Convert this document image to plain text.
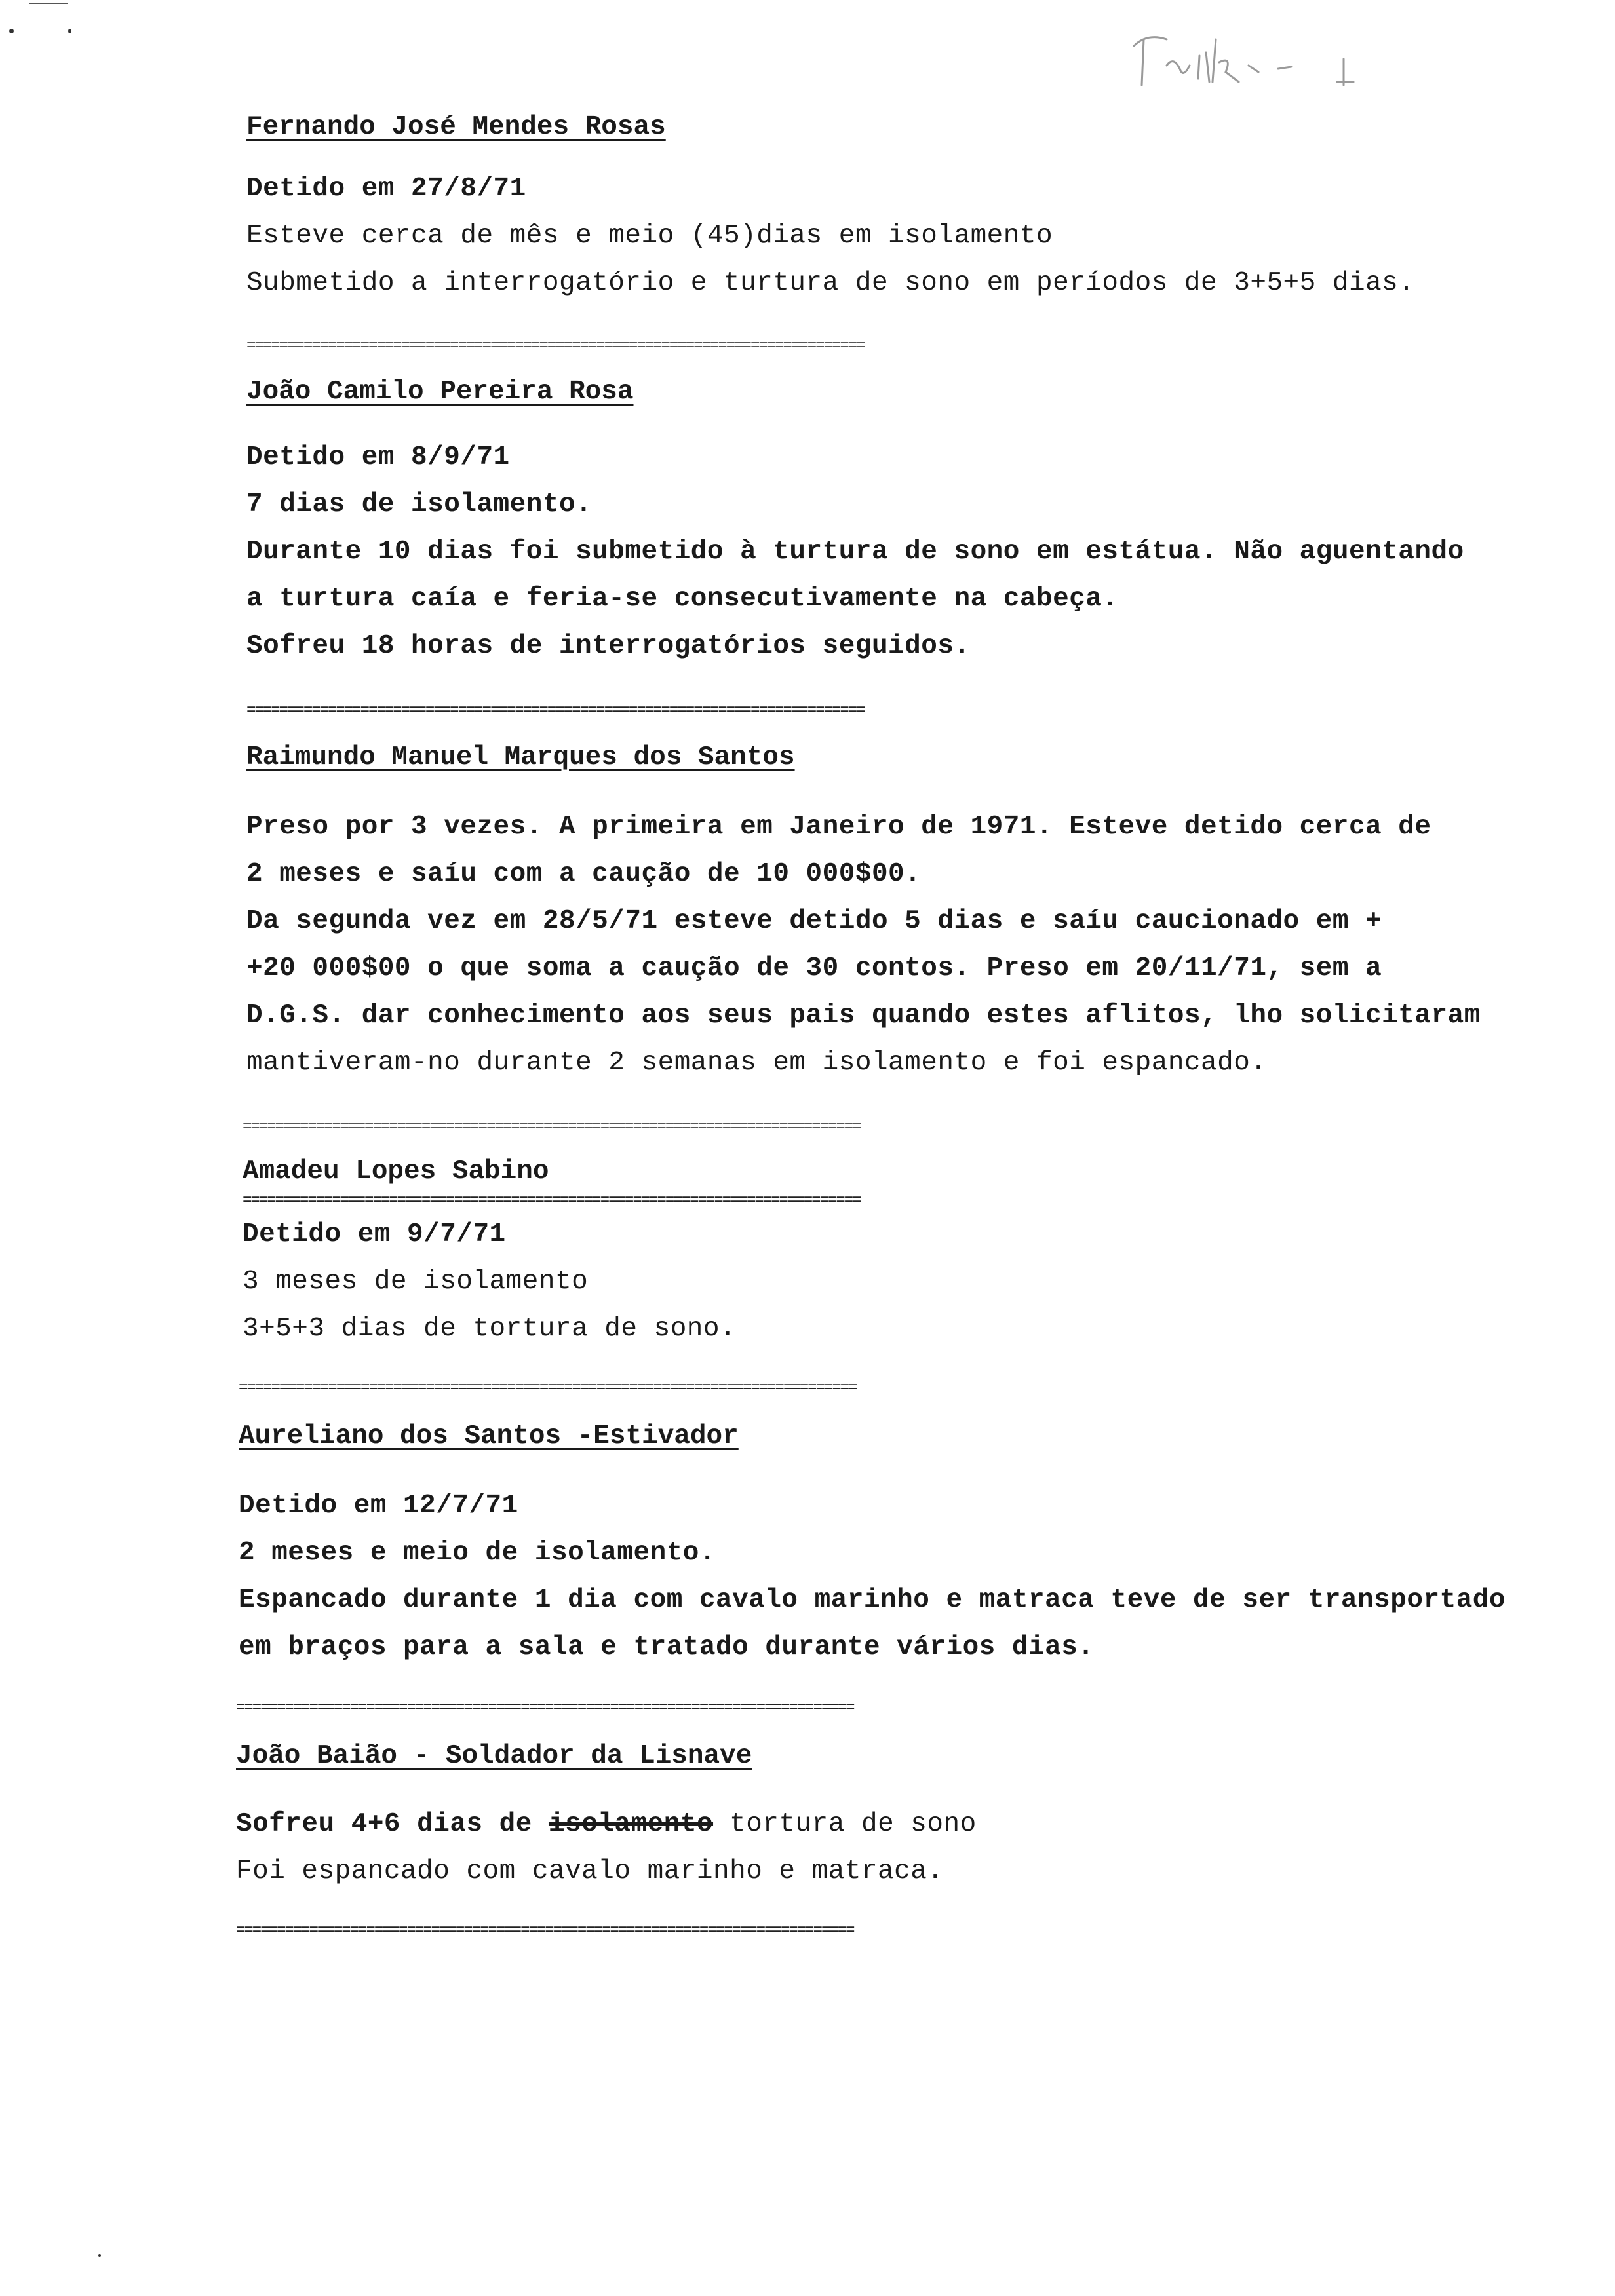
Fernando José Mendes Rosas

Detido em 27/8/71

Esteve cerca de mês e meio (45)dias em isolamento

Submetido a interrogatório e turtura de sono em períodos de 3+5+5 dias.

============================================================================

João Camilo Pereira Rosa

Detido em 8/9/71

7 dias de isolamento.

Durante 10 dias foi submetido à turtura de sono em estátua. Não aguentando

a turtura caía e feria-se consecutivamente na cabeça.

Sofreu 18 horas de interrogatórios seguidos.

============================================================================

Raimundo Manuel Marques dos Santos

Preso por 3 vezes. A primeira em Janeiro de 1971. Esteve detido cerca de

2 meses e saíu com a caução de 10 000$00.

Da segunda vez em 28/5/71 esteve detido 5 dias e saíu caucionado em +

+20 000$00 o que soma a caução de 30 contos. Preso em 20/11/71, sem a

D.G.S. dar conhecimento aos seus pais quando estes aflitos, lho solicitaram

mantiveram-no durante 2 semanas em isolamento e foi espancado.

============================================================================

Amadeu Lopes Sabino

============================================================================

Detido em 9/7/71

3 meses de isolamento

3+5+3 dias de tortura de sono.

============================================================================

Aureliano dos Santos -Estivador

Detido em 12/7/71

2 meses e meio de isolamento.

Espancado durante 1 dia com cavalo marinho e matraca teve de ser transportado

em braços para a sala e tratado durante vários dias.

============================================================================

João Baião - Soldador da Lisnave

Sofreu 4+6 dias de isolamento tortura de sono

Foi espancado com cavalo marinho e matraca.

============================================================================
